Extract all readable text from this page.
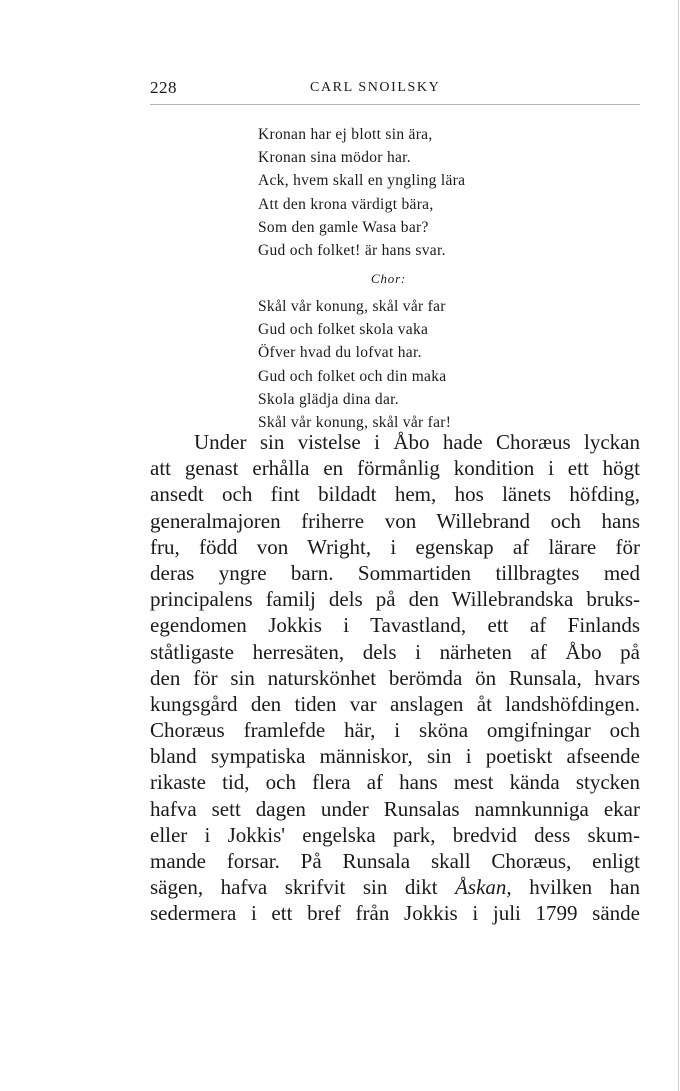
228	CARL SNOILSKY
Kronan har ej blott sin ära,
Kronan sina mödor har.
Ack, hvem skall en yngling lära
Att den krona värdigt bära,
Som den gamle Wasa bar?
Gud och folket! är hans svar.
Chor:
Skål vår konung, skål vår far
Gud och folket skola vaka
Öfver hvad du lofvat har.
Gud och folket och din maka
Skola glädja dina dar.
Skål vår konung, skål vår far!
Under sin vistelse i Åbo hade Choræus lyckan
att genast erhålla en förmånlig kondition i ett högt
ansedt och fint bildadt hem, hos länets höfding,
generalmajoren friherre von Willebrand och hans
fru, född von Wright, i egenskap af lärare för
deras yngre barn. Sommartiden tillbragtes med
principalens familj dels på den Willebrandska bruks-
egendomen Jokkis i Tavastland, ett af Finlands
ståtligaste herresäten, dels i närheten af Åbo på
den för sin naturskönhet berömda ön Runsala, hvars
kungsgård den tiden var anslagen åt landshöfdingen.
Choræus framlefde här, i sköna omgifningar och
bland sympatiska människor, sin i poetiskt afseende
rikaste tid, och flera af hans mest kända stycken
hafva sett dagen under Runsalas namnkunniga ekar
eller i Jokkis' engelska park, bredvid dess skum-
mande forsar. På Runsala skall Choræus, enligt
sägen, hafva skrifvit sin dikt Åskan, hvilken han
sedermera i ett bref från Jokkis i juli 1799 sände
